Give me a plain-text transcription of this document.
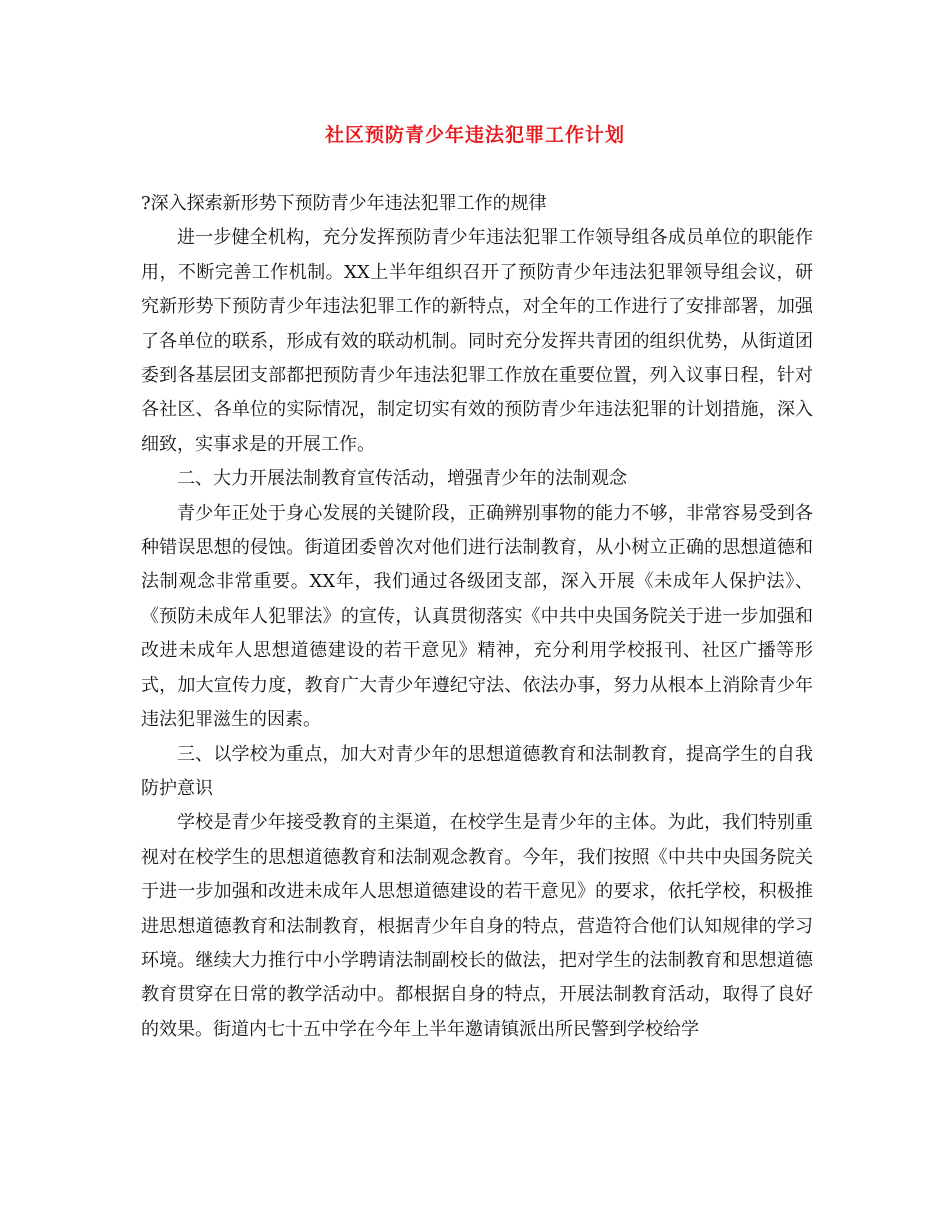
社区预防青少年违法犯罪工作计划

?深入探索新形势下预防青少年违法犯罪工作的规律

进一步健全机构，充分发挥预防青少年违法犯罪工作领导组各成员单位的职能作用，不断完善工作机制。XX上半年组织召开了预防青少年违法犯罪领导组会议，研究新形势下预防青少年违法犯罪工作的新特点，对全年的工作进行了安排部署，加强了各单位的联系，形成有效的联动机制。同时充分发挥共青团的组织优势，从街道团委到各基层团支部都把预防青少年违法犯罪工作放在重要位置，列入议事日程，针对各社区、各单位的实际情况，制定切实有效的预防青少年违法犯罪的计划措施，深入细致，实事求是的开展工作。

二、大力开展法制教育宣传活动，增强青少年的法制观念

青少年正处于身心发展的关键阶段，正确辨别事物的能力不够，非常容易受到各种错误思想的侵蚀。街道团委曾次对他们进行法制教育，从小树立正确的思想道德和法制观念非常重要。XX年，我们通过各级团支部，深入开展《未成年人保护法》、《预防未成年人犯罪法》的宣传，认真贯彻落实《中共中央国务院关于进一步加强和改进未成年人思想道德建设的若干意见》精神，充分利用学校报刊、社区广播等形式，加大宣传力度，教育广大青少年遵纪守法、依法办事，努力从根本上消除青少年违法犯罪滋生的因素。

三、以学校为重点，加大对青少年的思想道德教育和法制教育，提高学生的自我防护意识

学校是青少年接受教育的主渠道，在校学生是青少年的主体。为此，我们特别重视对在校学生的思想道德教育和法制观念教育。今年，我们按照《中共中央国务院关于进一步加强和改进未成年人思想道德建设的若干意见》的要求，依托学校，积极推进思想道德教育和法制教育，根据青少年自身的特点，营造符合他们认知规律的学习环境。继续大力推行中小学聘请法制副校长的做法，把对学生的法制教育和思想道德教育贯穿在日常的教学活动中。都根据自身的特点，开展法制教育活动，取得了良好的效果。街道内七十五中学在今年上半年邀请镇派出所民警到学校给学
